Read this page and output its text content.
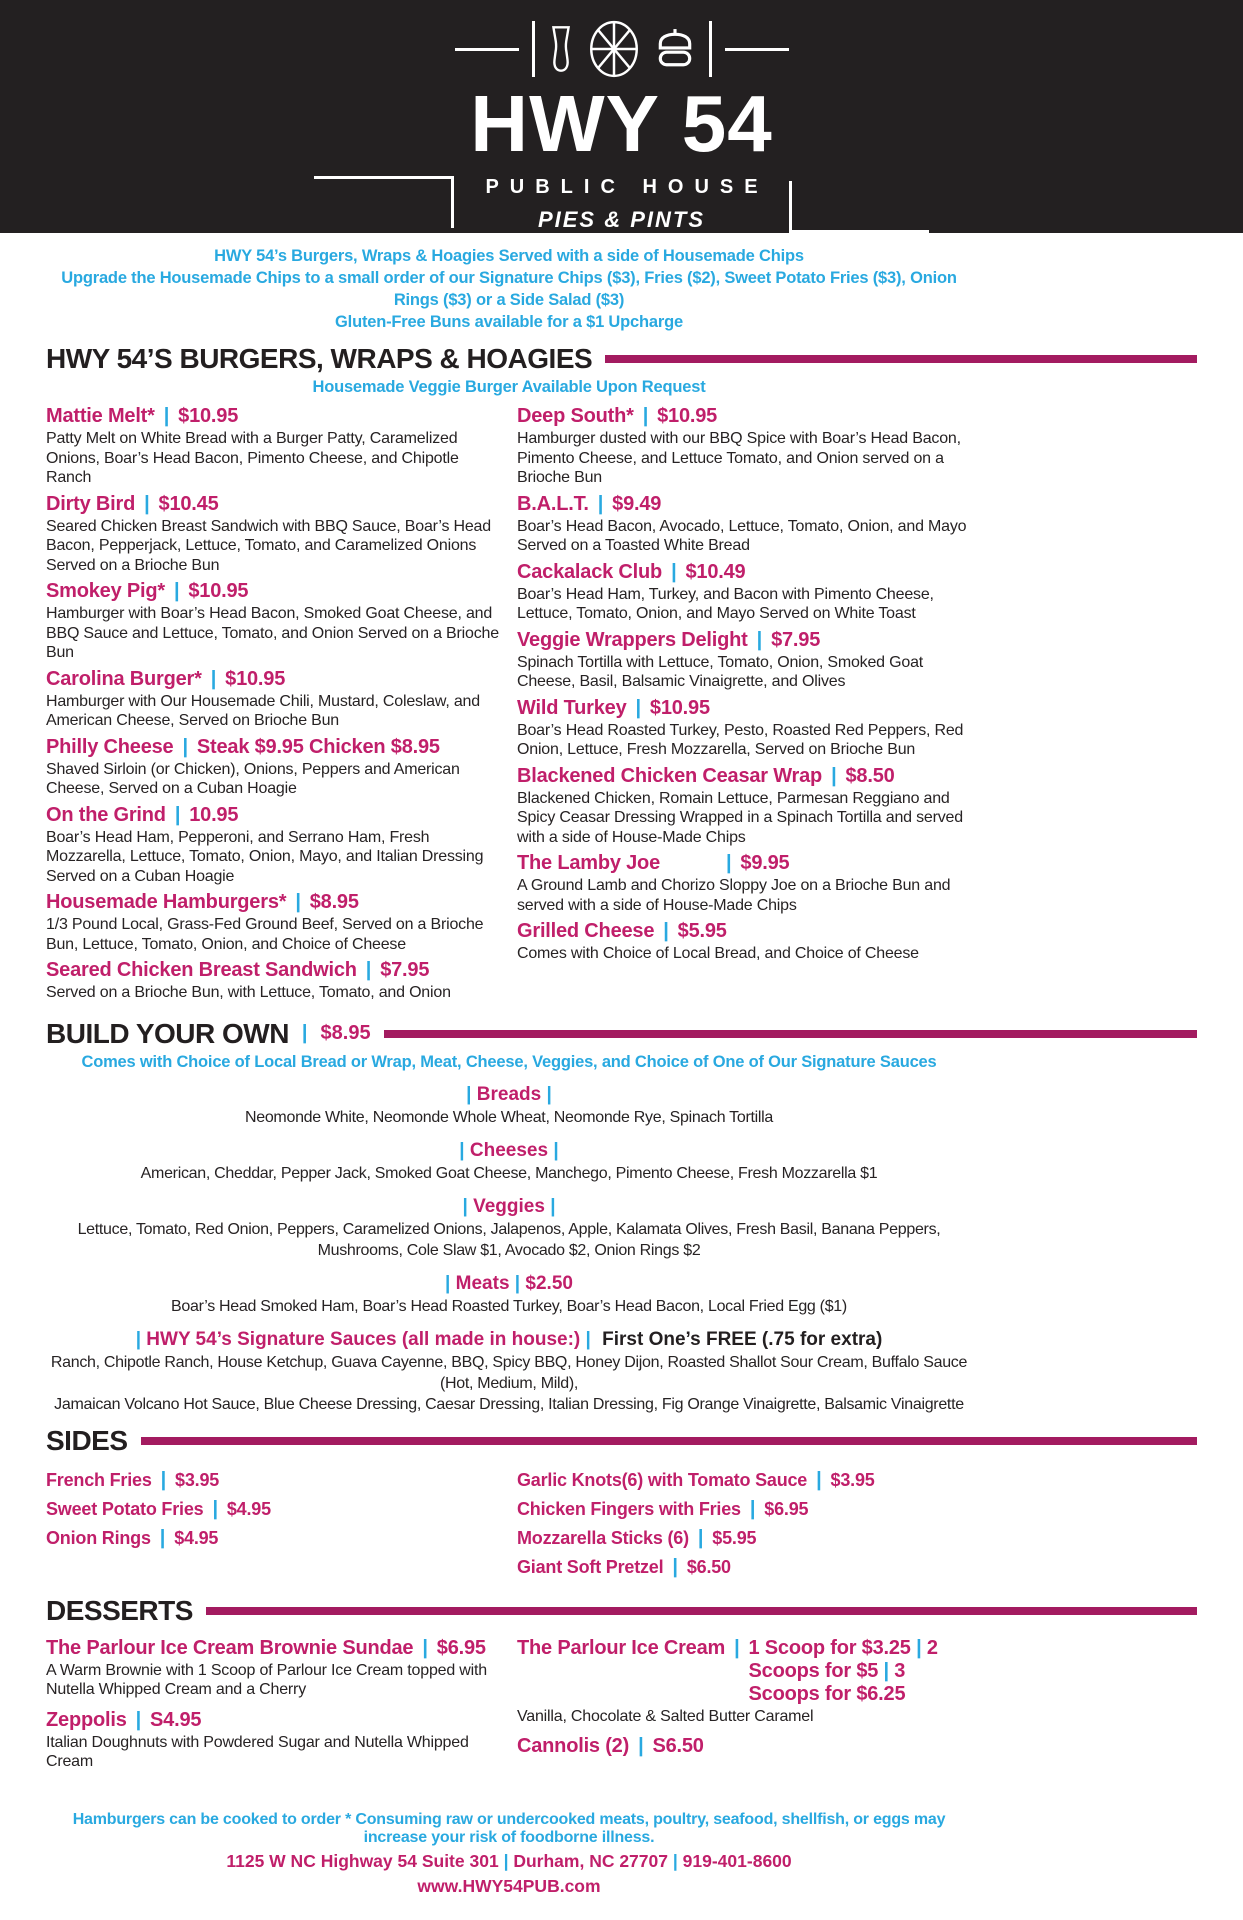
HWY 54
PUBLIC HOUSE
PIES & PINTS
HWY 54’s Burgers, Wraps & Hoagies Served with a side of Housemade Chips
Upgrade the Housemade Chips to a small order of our Signature Chips ($3), Fries ($2), Sweet Potato Fries ($3), Onion Rings ($3) or a Side Salad ($3)
Gluten-Free Buns available for a $1 Upcharge
HWY 54’S BURGERS, WRAPS & HOAGIES
Housemade Veggie Burger Available Upon Request
Mattie Melt* | $10.95
Patty Melt on White Bread with a Burger Patty, Caramelized Onions, Boar’s Head Bacon, Pimento Cheese, and Chipotle Ranch
Dirty Bird | $10.45
Seared Chicken Breast Sandwich with BBQ Sauce, Boar’s Head Bacon, Pepperjack, Lettuce, Tomato, and Caramelized Onions Served on a Brioche Bun
Smokey Pig* | $10.95
Hamburger with Boar’s Head Bacon, Smoked Goat Cheese, and BBQ Sauce and Lettuce, Tomato, and Onion Served on a Brioche Bun
Carolina Burger* | $10.95
Hamburger with Our Housemade Chili, Mustard, Coleslaw, and American Cheese, Served on Brioche Bun
Philly Cheese | Steak $9.95 Chicken $8.95
Shaved Sirloin (or Chicken), Onions, Peppers and American Cheese, Served on a Cuban Hoagie
On the Grind | 10.95
Boar’s Head Ham, Pepperoni, and Serrano Ham, Fresh Mozzarella, Lettuce, Tomato, Onion, Mayo, and Italian Dressing Served on a Cuban Hoagie
Housemade Hamburgers* | $8.95
1/3 Pound Local, Grass-Fed Ground Beef, Served on a Brioche Bun, Lettuce, Tomato, Onion, and Choice of Cheese
Seared Chicken Breast Sandwich | $7.95
Served on a Brioche Bun, with Lettuce, Tomato, and Onion
Deep South* | $10.95
Hamburger dusted with our BBQ Spice with Boar’s Head Bacon, Pimento Cheese, and Lettuce Tomato, and Onion served on a Brioche Bun
B.A.L.T. | $9.49
Boar’s Head Bacon, Avocado, Lettuce, Tomato, Onion, and Mayo Served on a Toasted White Bread
Cackalack Club | $10.49
Boar’s Head Ham, Turkey, and Bacon with Pimento Cheese, Lettuce, Tomato, Onion, and Mayo Served on White Toast
Veggie Wrappers Delight | $7.95
Spinach Tortilla with Lettuce, Tomato, Onion, Smoked Goat Cheese, Basil, Balsamic Vinaigrette, and Olives
Wild Turkey | $10.95
Boar’s Head Roasted Turkey, Pesto, Roasted Red Peppers, Red Onion, Lettuce, Fresh Mozzarella, Served on Brioche Bun
Blackened Chicken Ceasar Wrap | $8.50
Blackened Chicken, Romain Lettuce, Parmesan Reggiano and Spicy Ceasar Dressing Wrapped in a Spinach Tortilla and served with a side of House-Made Chips
The Lamby Joe	| $9.95
A Ground Lamb and Chorizo Sloppy Joe on a Brioche Bun and served with a side of House-Made Chips
Grilled Cheese | $5.95
Comes with Choice of Local Bread, and Choice of Cheese
BUILD YOUR OWN | $8.95
Comes with Choice of Local Bread or Wrap, Meat, Cheese, Veggies, and Choice of One of Our Signature Sauces
| Breads |
Neomonde White, Neomonde Whole Wheat, Neomonde Rye, Spinach Tortilla
| Cheeses |
American, Cheddar, Pepper Jack, Smoked Goat Cheese, Manchego, Pimento Cheese, Fresh Mozzarella $1
| Veggies |
Lettuce, Tomato, Red Onion, Peppers, Caramelized Onions, Jalapenos, Apple, Kalamata Olives, Fresh Basil, Banana Peppers, Mushrooms, Cole Slaw $1, Avocado $2, Onion Rings $2
| Meats | $2.50
Boar’s Head Smoked Ham, Boar’s Head Roasted Turkey, Boar’s Head Bacon, Local Fried Egg ($1)
| HWY 54’s Signature Sauces (all made in house:) | First One’s FREE (.75 for extra)
Ranch, Chipotle Ranch, House Ketchup, Guava Cayenne, BBQ, Spicy BBQ, Honey Dijon, Roasted Shallot Sour Cream, Buffalo Sauce (Hot, Medium, Mild),
Jamaican Volcano Hot Sauce, Blue Cheese Dressing, Caesar Dressing, Italian Dressing, Fig Orange Vinaigrette, Balsamic Vinaigrette
SIDES
French Fries | $3.95
Sweet Potato Fries | $4.95
Onion Rings | $4.95
Garlic Knots(6) with Tomato Sauce | $3.95
Chicken Fingers with Fries | $6.95
Mozzarella Sticks (6) | $5.95
Giant Soft Pretzel | $6.50
DESSERTS
The Parlour Ice Cream Brownie Sundae | $6.95
A Warm Brownie with 1 Scoop of Parlour Ice Cream topped with Nutella Whipped Cream and a Cherry
Zeppolis | S4.95
Italian Doughnuts with Powdered Sugar and Nutella Whipped Cream
The Parlour Ice Cream | 1 Scoop for $3.25 | 2 Scoops for $5 | 3 Scoops for $6.25
Vanilla, Chocolate & Salted Butter Caramel
Cannolis (2) | S6.50
Hamburgers can be cooked to order * Consuming raw or undercooked meats, poultry, seafood, shellfish, or eggs may increase your risk of foodborne illness.
1125 W NC Highway 54 Suite 301 | Durham, NC 27707 | 919-401-8600
www.HWY54PUB.com
